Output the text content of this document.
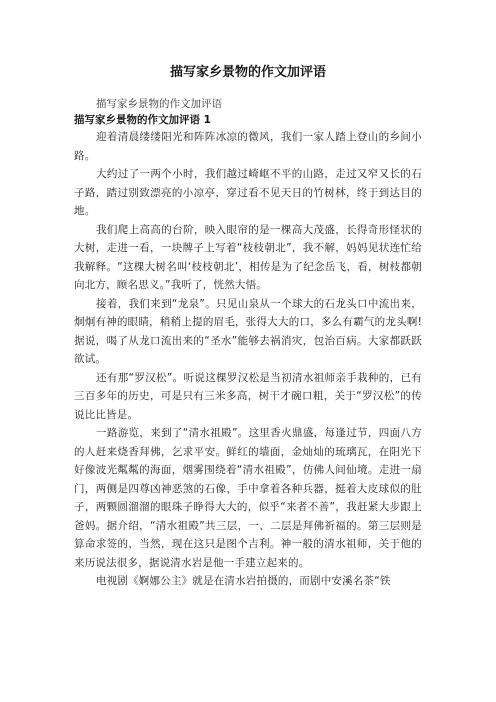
描写家乡景物的作文加评语

描写家乡景物的作文加评语

描写家乡景物的作文加评语 1

迎着清晨缕缕阳光和阵阵冰凉的微风，我们一家人踏上登山的乡间小路。

大约过了一两个小时，我们越过崎岖不平的山路，走过又窄又长的石子路，踏过别致漂亮的小凉亭，穿过看不见天日的竹树林，终于到达目的地。

我们爬上高高的台阶，映入眼帘的是一棵高大茂盛，长得奇形怪状的大树，走进一看，一块牌子上写着“枝枝朝北”，我不解，妈妈见状连忙给我解释。“这棵大树名叫‘枝枝朝北’，相传是为了纪念岳飞，看，树枝都朝向北方，顾名思义。”我听了，恍然大悟。

接着，我们来到“龙泉”。只见山泉从一个球大的石龙头口中流出来，炯炯有神的眼睛，稍稍上提的眉毛，张得大大的口，多么有霸气的龙头啊!据说，喝了从龙口流出来的“圣水”能够去祸消灾，包治百病。大家都跃跃欲试。

还有那“罗汉松”。听说这棵罗汉松是当初清水祖师亲手栽种的，已有三百多年的历史，可是只有三米多高，树干才碗口粗，关于“罗汉松”的传说比比皆是。

一路游览，来到了“清水祖殿”。这里香火鼎盛，每逢过节，四面八方的人赶来烧香拜佛，乞求平安。鲜红的墙面，金灿灿的琉璃瓦，在阳光下好像波光粼粼的海面，烟雾围绕着“清水祖殿”，仿佛人间仙境。走进一扇门，两侧是四尊凶神恶煞的石像，手中拿着各种兵器，挺着大皮球似的肚子，两颗圆溜溜的眼珠子睁得大大的，似乎“来者不善”，我赶紧大步跟上爸妈。据介绍，“清水祖殿”共三层，一、二层是拜佛祈福的。第三层则是算命求签的，当然，现在这只是图个吉利。神一般的清水祖师，关于他的来历说法很多，据说清水岩是他一手建立起来的。

电视剧《婀娜公主》就是在清水岩拍摄的，而剧中安溪名茶“铁
